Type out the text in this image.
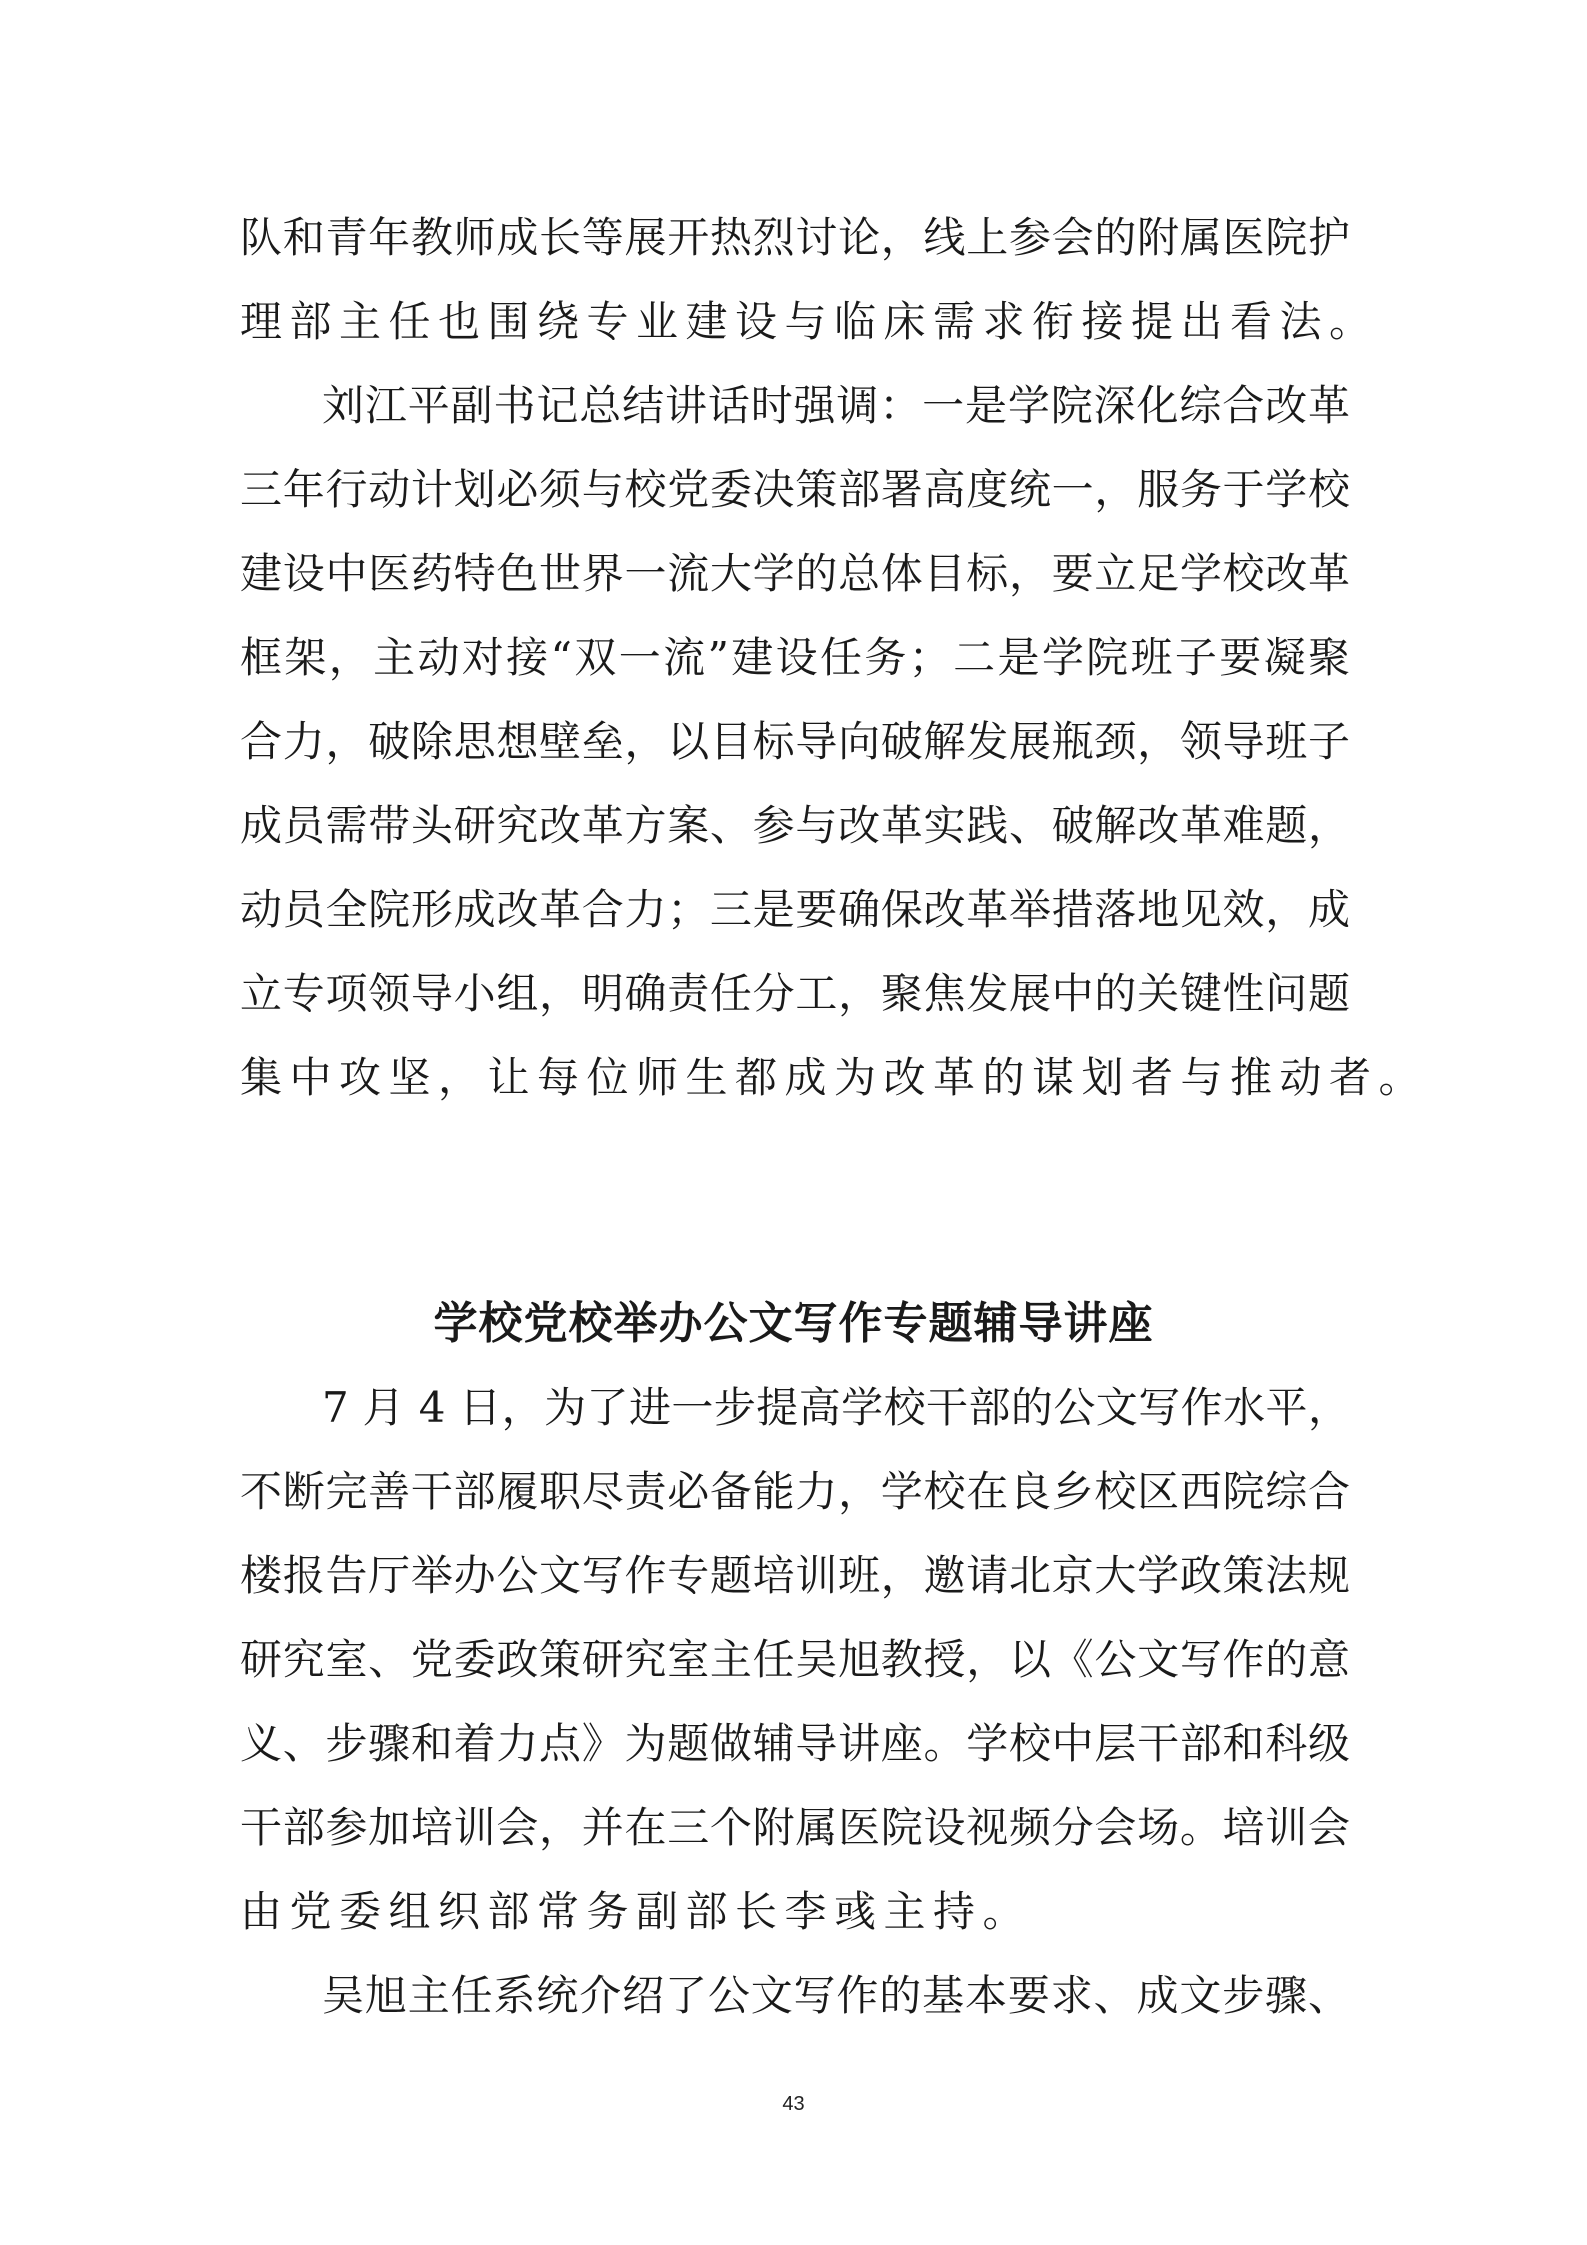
队和青年教师成长等展开热烈讨论，线上参会的附属医院护
理部主任也围绕专业建设与临床需求衔接提出看法。
刘江平副书记总结讲话时强调：一是学院深化综合改革
三年行动计划必须与校党委决策部署高度统一，服务于学校
建设中医药特色世界一流大学的总体目标，要立足学校改革
框架，主动对接“双一流”建设任务；二是学院班子要凝聚
合力，破除思想壁垒，以目标导向破解发展瓶颈，领导班子
成员需带头研究改革方案、参与改革实践、破解改革难题，
动员全院形成改革合力；三是要确保改革举措落地见效，成
立专项领导小组，明确责任分工，聚焦发展中的关键性问题
集中攻坚，让每位师生都成为改革的谋划者与推动者。
学校党校举办公文写作专题辅导讲座
7 月 4 日，为了进一步提高学校干部的公文写作水平，
不断完善干部履职尽责必备能力，学校在良乡校区西院综合
楼报告厅举办公文写作专题培训班，邀请北京大学政策法规
研究室、党委政策研究室主任吴旭教授，以《公文写作的意
义、步骤和着力点》为题做辅导讲座。学校中层干部和科级
干部参加培训会，并在三个附属医院设视频分会场。培训会
由党委组织部常务副部长李彧主持。
吴旭主任系统介绍了公文写作的基本要求、成文步骤、
43
